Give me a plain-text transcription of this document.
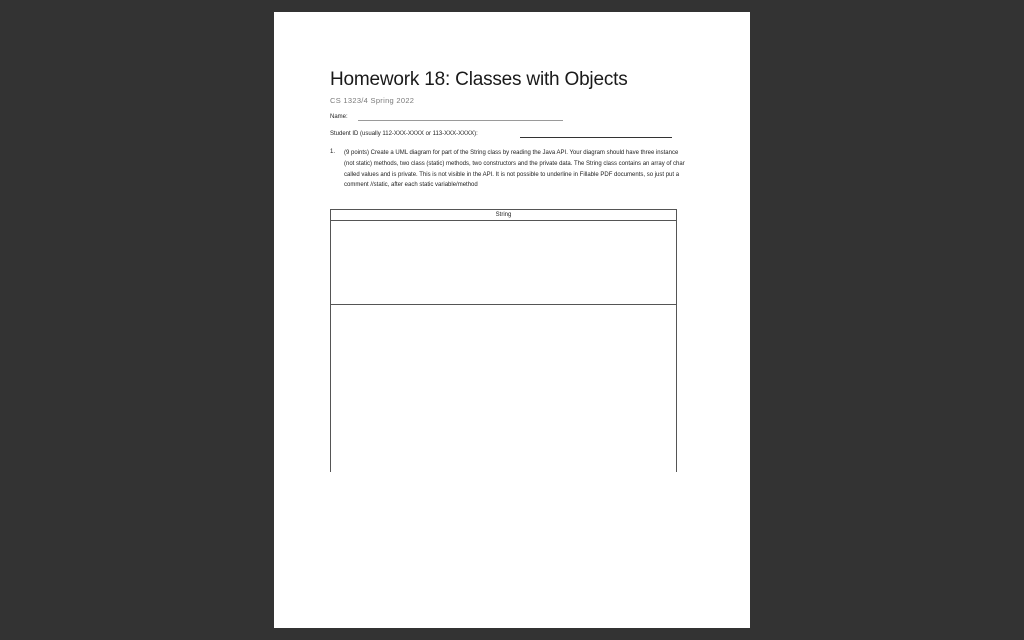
Homework 18: Classes with Objects
CS 1323/4 Spring 2022
Name:
Student ID (usually 112-XXX-XXXX or 113-XXX-XXXX):
1. (9 points) Create a UML diagram for part of the String class by reading the Java API. Your diagram should have three instance (not static) methods, two class (static) methods, two constructors and the private data. The String class contains an array of char called values and is private. This is not visible in the API. It is not possible to underline in Fillable PDF documents, so just put a comment //static, after each static variable/method
String
